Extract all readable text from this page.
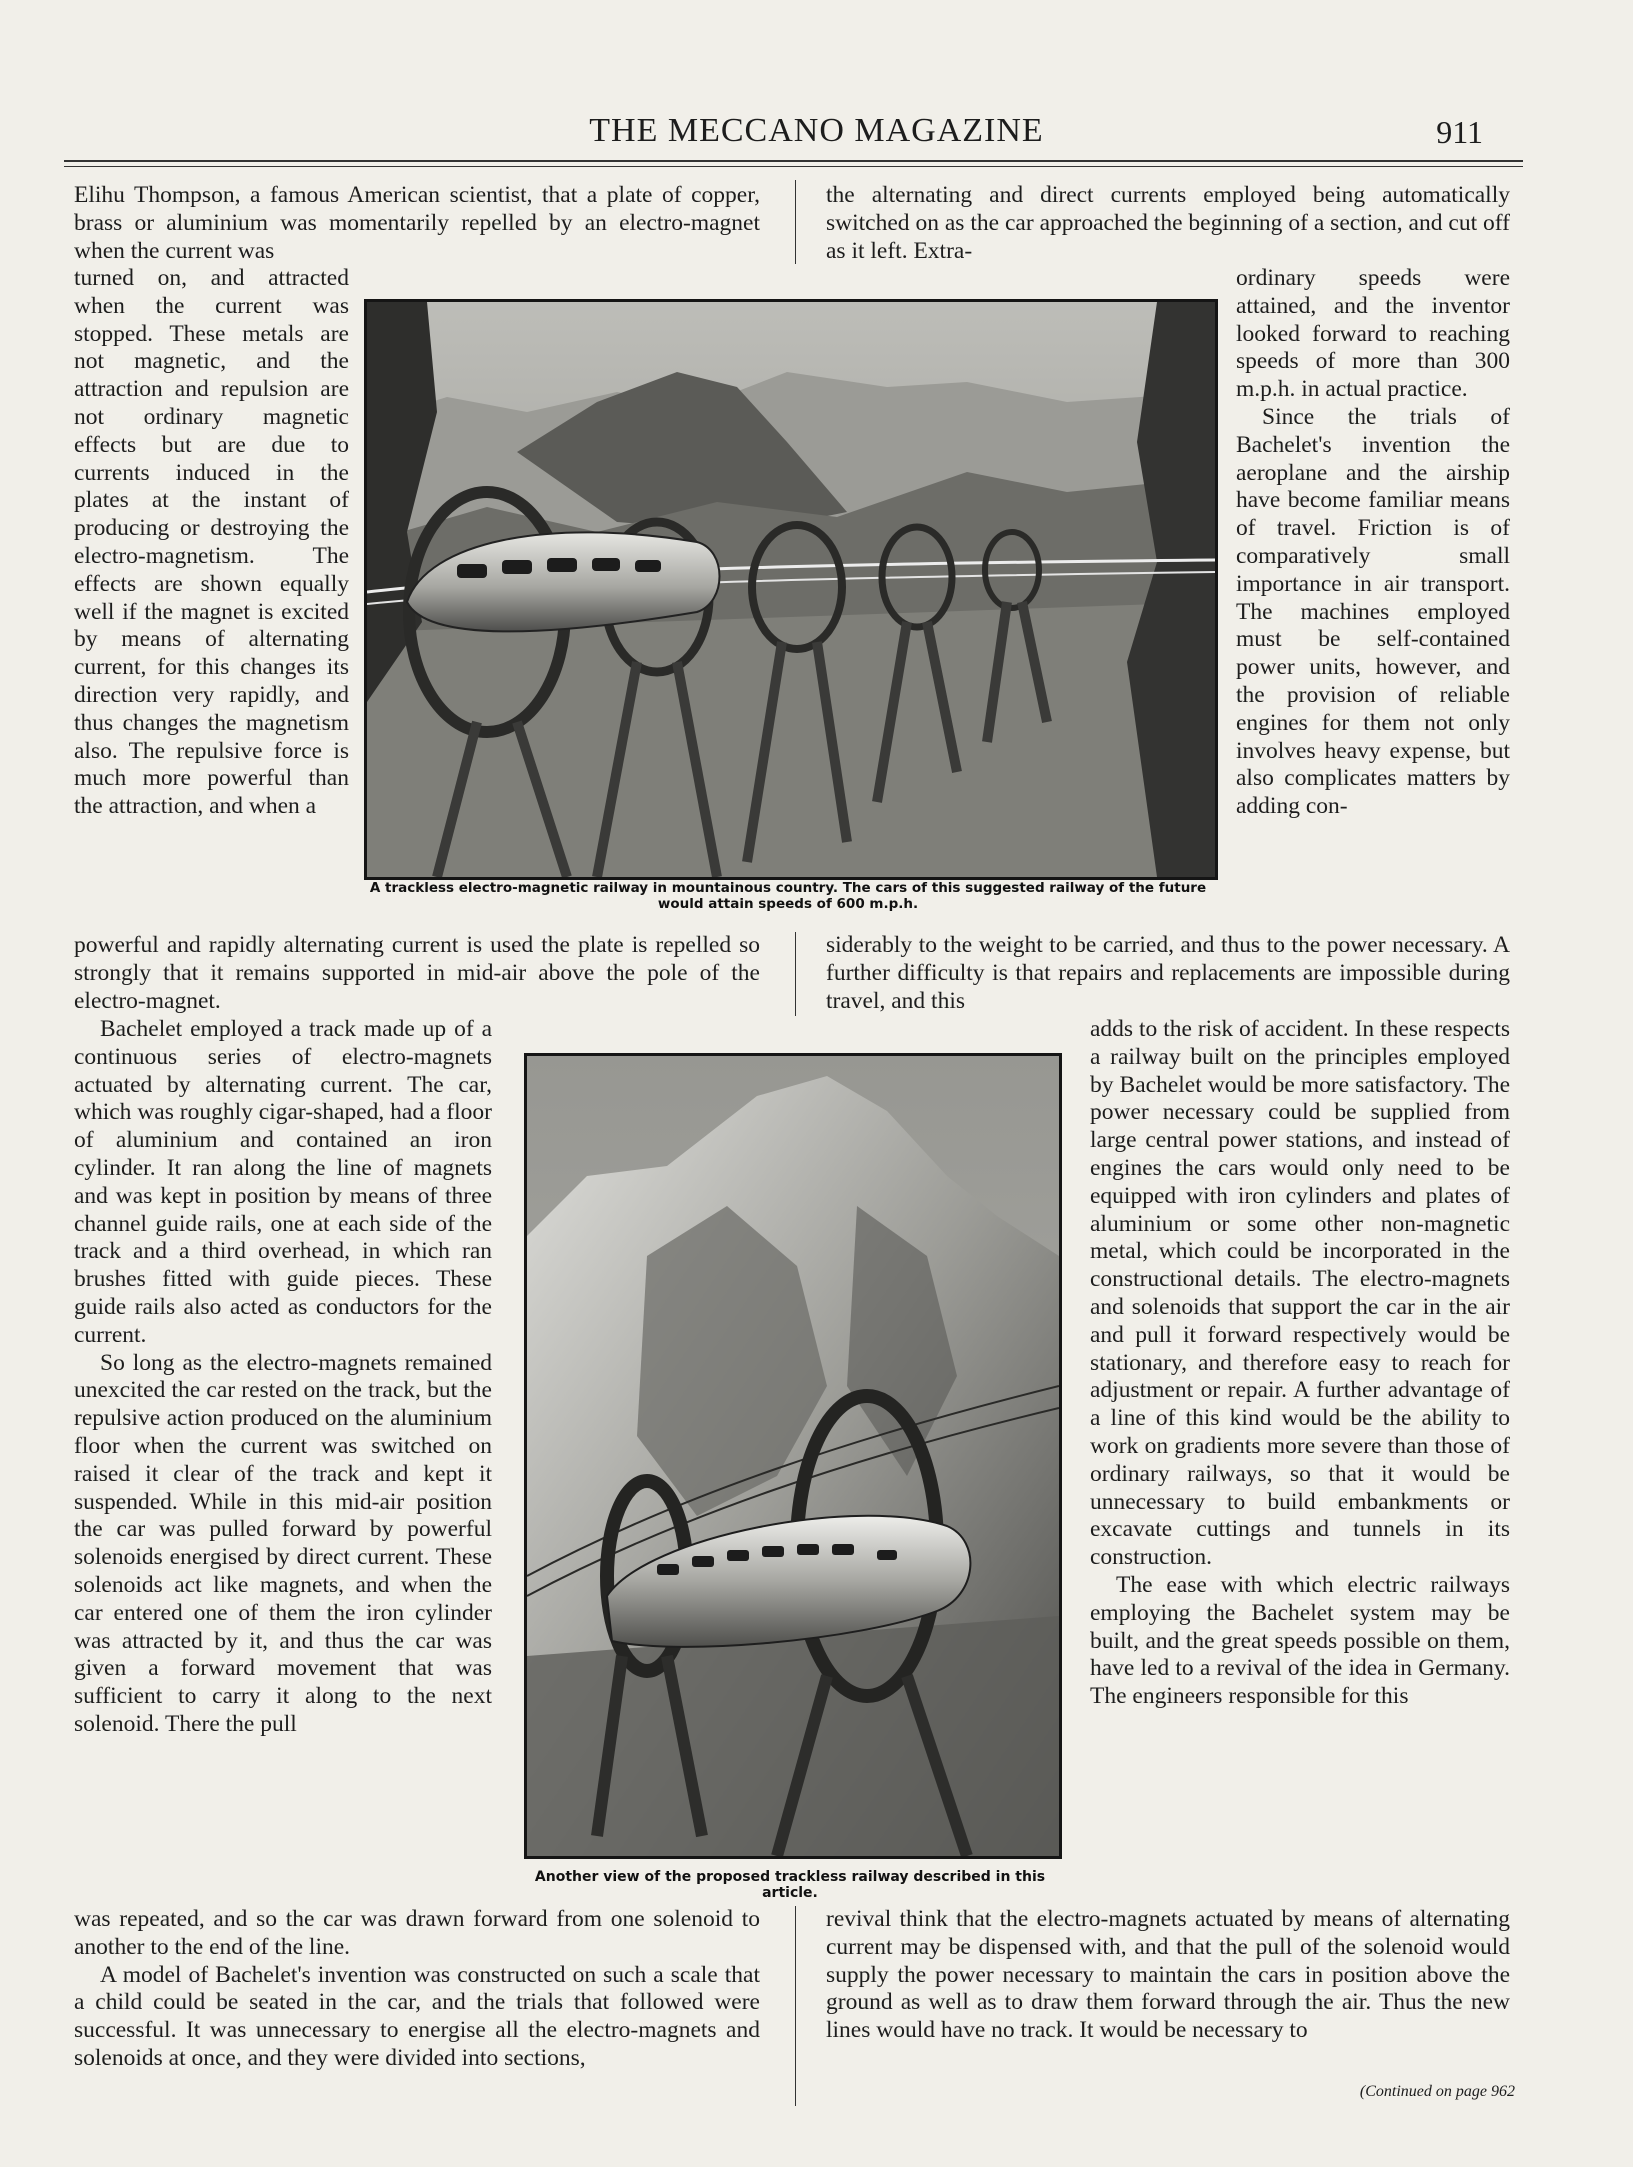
THE MECCANO MAGAZINE	911

Elihu Thompson, a famous American scientist, that a plate of copper, brass or aluminium was momentarily repelled by an electro-magnet when the current was

the alternating and direct currents employed being automatically switched on as the car approached the beginning of a section, and cut off as it left. Extra-

turned on, and attracted when the current was stopped. These metals are not magnetic, and the attraction and repulsion are not ordinary magnetic effects but are due to currents induced in the plates at the instant of producing or destroying the electro-magnetism. The effects are shown equally well if the magnet is excited by means of alternating current, for this changes its direction very rapidly, and thus changes the magnetism also. The repulsive force is much more powerful than the attraction, and when a

A trackless electro-magnetic railway in mountainous country. The cars of this suggested railway of the future would attain speeds of 600 m.p.h.

ordinary speeds were attained, and the inventor looked forward to reaching speeds of more than 300 m.p.h. in actual practice.

Since the trials of Bachelet's invention the aeroplane and the airship have become familiar means of travel. Friction is of comparatively small importance in air transport. The machines employed must be self-contained power units, however, and the provision of reliable engines for them not only involves heavy expense, but also complicates matters by adding con-

powerful and rapidly alternating current is used the plate is repelled so strongly that it remains supported in mid-air above the pole of the electro-magnet.

siderably to the weight to be carried, and thus to the power necessary. A further difficulty is that repairs and replacements are impossible during travel, and this

Bachelet employed a track made up of a continuous series of electro-magnets actuated by alternating current. The car, which was roughly cigar-shaped, had a floor of aluminium and contained an iron cylinder. It ran along the line of magnets and was kept in position by means of three channel guide rails, one at each side of the track and a third overhead, in which ran brushes fitted with guide pieces. These guide rails also acted as conductors for the current.

So long as the electro-magnets remained unexcited the car rested on the track, but the repulsive action produced on the aluminium floor when the current was switched on raised it clear of the track and kept it suspended. While in this mid-air position the car was pulled forward by powerful solenoids energised by direct current. These solenoids act like magnets, and when the car entered one of them the iron cylinder was attracted by it, and thus the car was given a forward movement that was sufficient to carry it along to the next solenoid. There the pull

Another view of the proposed trackless railway described in this article.

adds to the risk of accident. In these respects a railway built on the principles employed by Bachelet would be more satisfactory. The power necessary could be supplied from large central power stations, and instead of engines the cars would only need to be equipped with iron cylinders and plates of aluminium or some other non-magnetic metal, which could be incorporated in the constructional details. The electro-magnets and solenoids that support the car in the air and pull it forward respectively would be stationary, and therefore easy to reach for adjustment or repair. A further advantage of a line of this kind would be the ability to work on gradients more severe than those of ordinary railways, so that it would be unnecessary to build embankments or excavate cuttings and tunnels in its construction.

The ease with which electric railways employing the Bachelet system may be built, and the great speeds possible on them, have led to a revival of the idea in Germany. The engineers responsible for this

was repeated, and so the car was drawn forward from one solenoid to another to the end of the line.

A model of Bachelet's invention was constructed on such a scale that a child could be seated in the car, and the trials that followed were successful. It was unnecessary to energise all the electro-magnets and solenoids at once, and they were divided into sections,

revival think that the electro-magnets actuated by means of alternating current may be dispensed with, and that the pull of the solenoid would supply the power necessary to maintain the cars in position above the ground as well as to draw them forward through the air. Thus the new lines would have no track. It would be necessary to

(Continued on page 962
